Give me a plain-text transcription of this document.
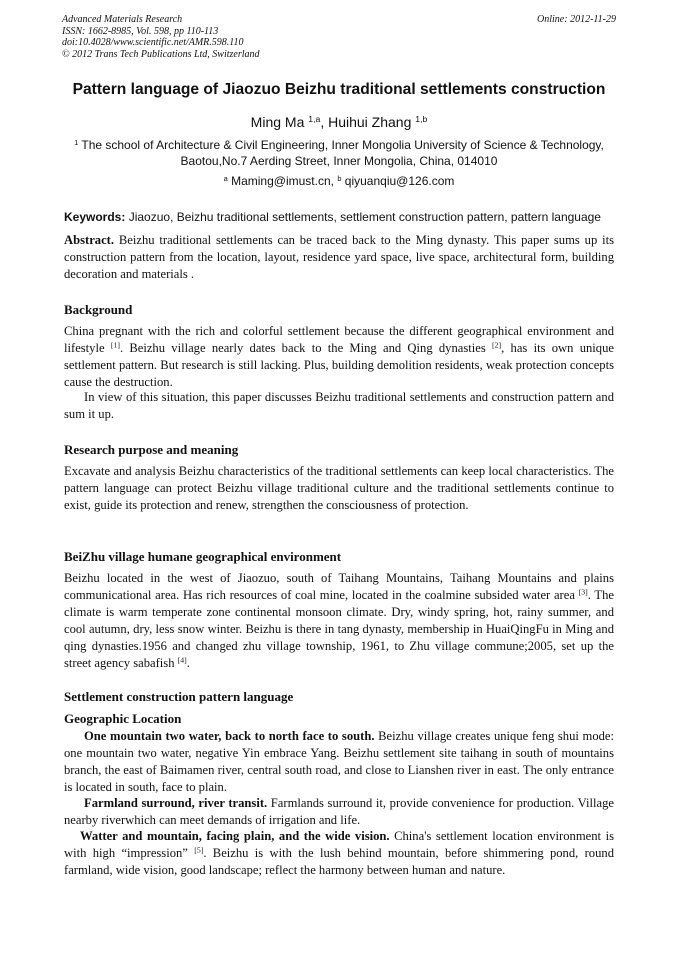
Advanced Materials Research
ISSN: 1662-8985, Vol. 598, pp 110-113
doi:10.4028/www.scientific.net/AMR.598.110
© 2012 Trans Tech Publications Ltd, Switzerland
Online: 2012-11-29
Pattern language of Jiaozuo Beizhu traditional settlements construction
Ming Ma $^{1,a}$, Huihui Zhang $^{1,b}$
$^1$ The school of Architecture & Civil Engineering, Inner Mongolia University of Science & Technology,
Baotou,No.7 Aerding Street, Inner Mongolia, China, 014010
$^a$ Maming@imust.cn, $^b$ qiyuanqiu@126.com
Keywords: Jiaozuo, Beizhu traditional settlements, settlement construction pattern, pattern language
Abstract. Beizhu traditional settlements can be traced back to the Ming dynasty. This paper sums up its construction pattern from the location, layout, residence yard space, live space, architectural form, building decoration and materials .
Background

China pregnant with the rich and colorful settlement because the different geographical environment and lifestyle [1]. Beizhu village nearly dates back to the Ming and Qing dynasties [2], has its own unique settlement pattern. But research is still lacking. Plus, building demolition residents, weak protection concepts cause the destruction.

In view of this situation, this paper discusses Beizhu traditional settlements and construction pattern and sum it up.

Research purpose and meaning

Excavate and analysis Beizhu characteristics of the traditional settlements can keep local characteristics. The pattern language can protect Beizhu village traditional culture and the traditional settlements continue to exist, guide its protection and renew, strengthen the consciousness of protection.

BeiZhu village humane geographical environment

Beizhu located in the west of Jiaozuo, south of Taihang Mountains, Taihang Mountains and plains communicational area. Has rich resources of coal mine, located in the coalmine subsided water area [3]. The climate is warm temperate zone continental monsoon climate. Dry, windy spring, hot, rainy summer, and cool autumn, dry, less snow winter. Beizhu is there in tang dynasty, membership in HuaiQingFu in Ming and qing dynasties.1956 and changed zhu village township, 1961, to Zhu village commune;2005, set up the street agency sabafish [4].

Settlement construction pattern language
Geographic Location

One mountain two water, back to north face to south. Beizhu village creates unique feng shui mode: one mountain two water, negative Yin embrace Yang. Beizhu settlement site taihang in south of mountains branch, the east of Baimamen river, central south road, and close to Lianshen river in east. The only entrance is located in south, face to plain.

Farmland surround, river transit. Farmlands surround it, provide convenience for production. Village nearby riverwhich can meet demands of irrigation and life.

Watter and mountain, facing plain, and the wide vision. China's settlement location environment is with high “impression” [5]. Beizhu is with the lush behind mountain, before shimmering pond, round farmland, wide vision, good landscape; reflect the harmony between human and nature.
